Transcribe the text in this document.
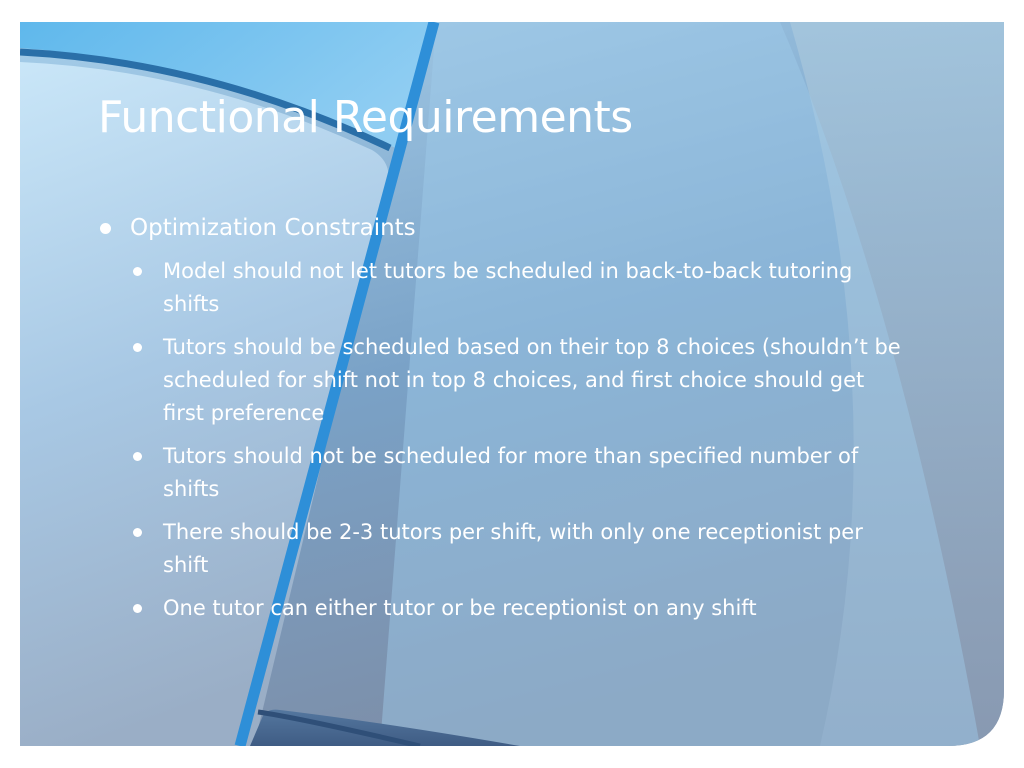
Functional Requirements
Optimization Constraints
Model should not let tutors be scheduled in back-to-back tutoring shifts
Tutors should be scheduled based on their top 8 choices (shouldn’t be scheduled for shift not in top 8 choices, and first choice should get first preference
Tutors should not be scheduled for more than specified number of shifts
There should be 2-3 tutors per shift, with only one receptionist per shift
One tutor can either tutor or be receptionist on any shift
